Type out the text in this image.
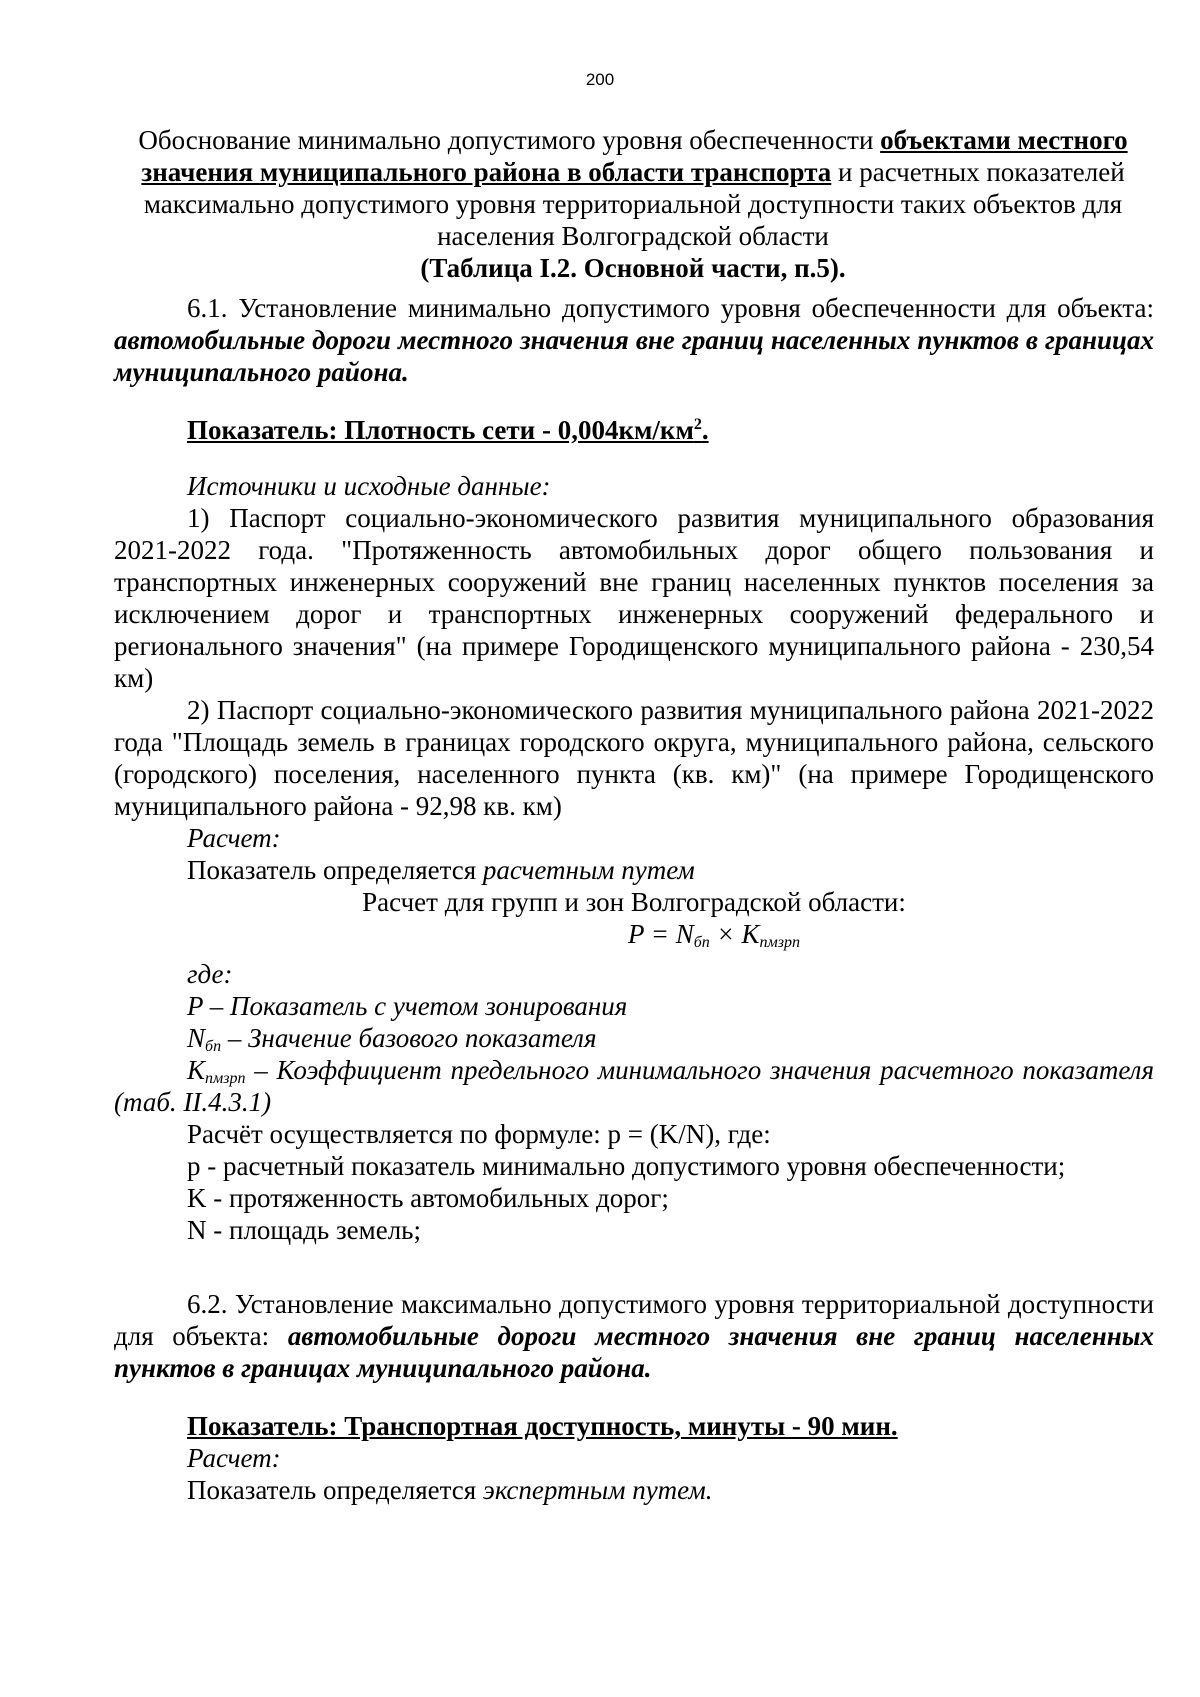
200
Обоснование минимально допустимого уровня обеспеченности объектами местного значения муниципального района в области транспорта и расчетных показателей максимально допустимого уровня территориальной доступности таких объектов для населения Волгоградской области
(Таблица I.2. Основной части, п.5).

6.1. Установление минимально допустимого уровня обеспеченности для объекта: автомобильные дороги местного значения вне границ населенных пунктов в границах муниципального района.

Показатель: Плотность сети - $0,004км/км^2$.

Источники и исходные данные:

1) Паспорт социально-экономического развития муниципального образования 2021-2022 года. "Протяженность автомобильных дорог общего пользования и транспортных инженерных сооружений вне границ населенных пунктов поселения за исключением дорог и транспортных инженерных сооружений федерального и регионального значения" (на примере Городищенского муниципального района - 230,54 км)

2) Паспорт социально-экономического развития муниципального района 2021-2022 года "Площадь земель в границах городского округа, муниципального района, сельского (городского) поселения, населенного пункта (кв. км)" (на примере Городищенского муниципального района - 92,98 кв. км)

Расчет:

Показатель определяется расчетным путем

Расчет для групп и зон Волгоградской области:

$P = N_{бп} \times K_{пмзрп}$

где:

P – Показатель с учетом зонирования

$N_{бп}$ – Значение базового показателя

$K_{пмзрп}$ – Коэффициент предельного минимального значения расчетного показателя (таб. II.4.3.1)

Расчёт осуществляется по формуле: p = (K/N), где:

p - расчетный показатель минимально допустимого уровня обеспеченности;

K - протяженность автомобильных дорог;

N - площадь земель;

6.2. Установление максимально допустимого уровня территориальной доступности для объекта: автомобильные дороги местного значения вне границ населенных пунктов в границах муниципального района.

Показатель: Транспортная доступность, минуты - 90 мин.

Расчет:

Показатель определяется экспертным путем.
